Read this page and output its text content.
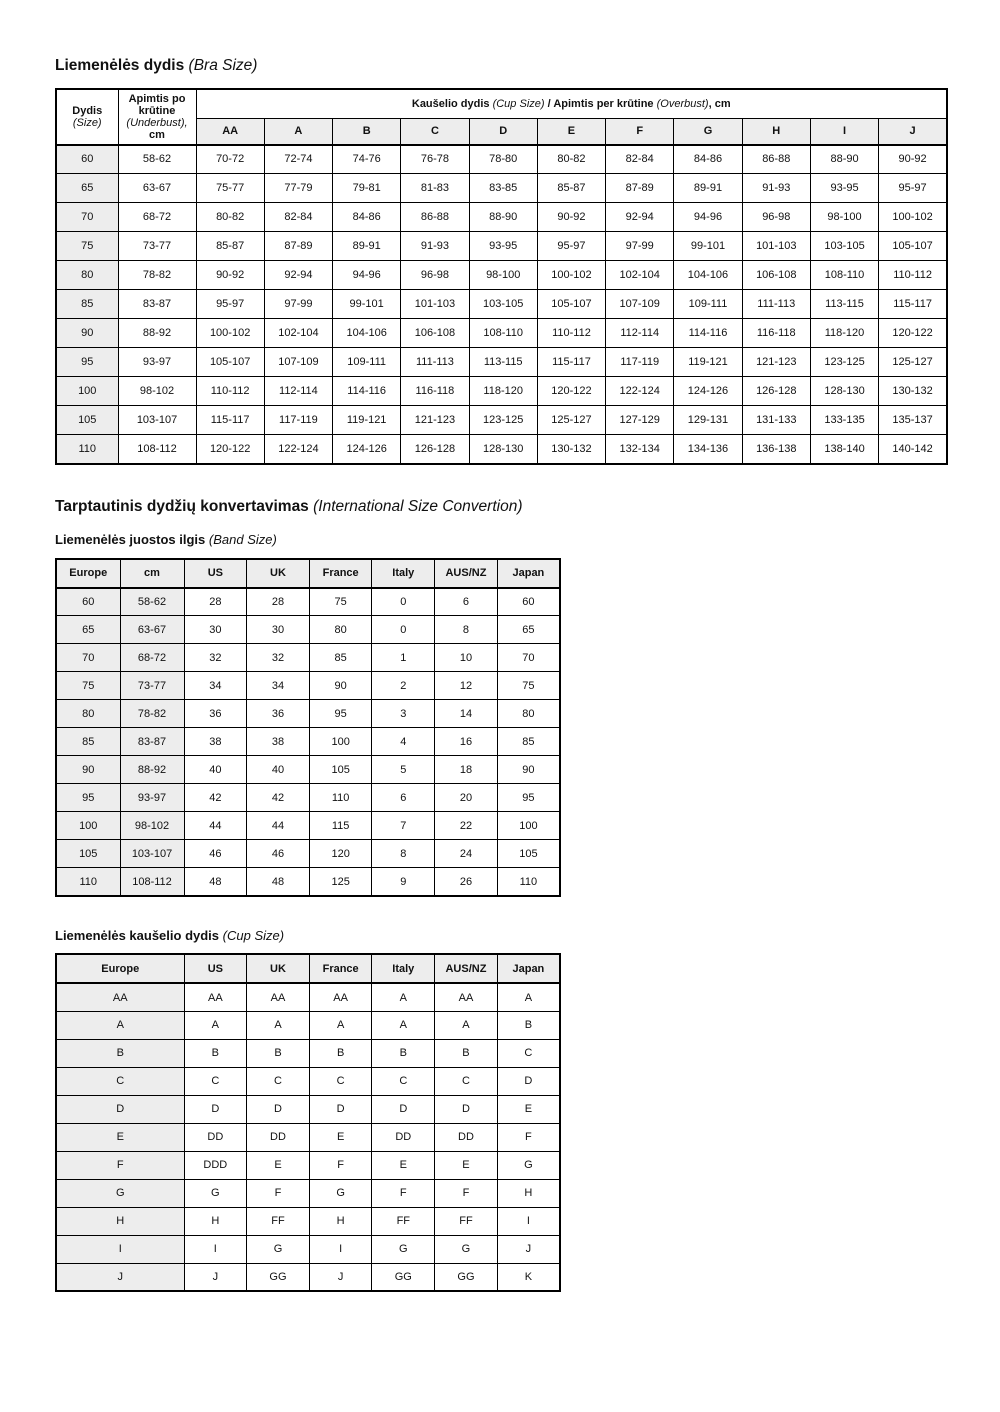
Liemenėlės dydis (Bra Size)
Dydis (Size)	Apimtis po krūtine (Underbust), cm	Kaušelio dydis (Cup Size) / Apimtis per krūtine (Overbust), cm										
		AA	A	B	C	D	E	F	G	H	I	J
60	58-62	70-72	72-74	74-76	76-78	78-80	80-82	82-84	84-86	86-88	88-90	90-92
65	63-67	75-77	77-79	79-81	81-83	83-85	85-87	87-89	89-91	91-93	93-95	95-97
70	68-72	80-82	82-84	84-86	86-88	88-90	90-92	92-94	94-96	96-98	98-100	100-102
75	73-77	85-87	87-89	89-91	91-93	93-95	95-97	97-99	99-101	101-103	103-105	105-107
80	78-82	90-92	92-94	94-96	96-98	98-100	100-102	102-104	104-106	106-108	108-110	110-112
85	83-87	95-97	97-99	99-101	101-103	103-105	105-107	107-109	109-111	111-113	113-115	115-117
90	88-92	100-102	102-104	104-106	106-108	108-110	110-112	112-114	114-116	116-118	118-120	120-122
95	93-97	105-107	107-109	109-111	111-113	113-115	115-117	117-119	119-121	121-123	123-125	125-127
100	98-102	110-112	112-114	114-116	116-118	118-120	120-122	122-124	124-126	126-128	128-130	130-132
105	103-107	115-117	117-119	119-121	121-123	123-125	125-127	127-129	129-131	131-133	133-135	135-137
110	108-112	120-122	122-124	124-126	126-128	128-130	130-132	132-134	134-136	136-138	138-140	140-142
Tarptautinis dydžių konvertavimas (International Size Convertion)
Liemenėlės juostos ilgis (Band Size)
Europe	cm	US	UK	France	Italy	AUS/NZ	Japan
60	58-62	28	28	75	0	6	60
65	63-67	30	30	80	0	8	65
70	68-72	32	32	85	1	10	70
75	73-77	34	34	90	2	12	75
80	78-82	36	36	95	3	14	80
85	83-87	38	38	100	4	16	85
90	88-92	40	40	105	5	18	90
95	93-97	42	42	110	6	20	95
100	98-102	44	44	115	7	22	100
105	103-107	46	46	120	8	24	105
110	108-112	48	48	125	9	26	110
Liemenėlės kaušelio dydis (Cup Size)
Europe	US	UK	France	Italy	AUS/NZ	Japan
AA	AA	AA	AA	A	AA	A
A	A	A	A	A	A	B
B	B	B	B	B	B	C
C	C	C	C	C	C	D
D	D	D	D	D	D	E
E	DD	DD	E	DD	DD	F
F	DDD	E	F	E	E	G
G	G	F	G	F	F	H
H	H	FF	H	FF	FF	I
I	I	G	I	G	G	J
J	J	GG	J	GG	GG	K
